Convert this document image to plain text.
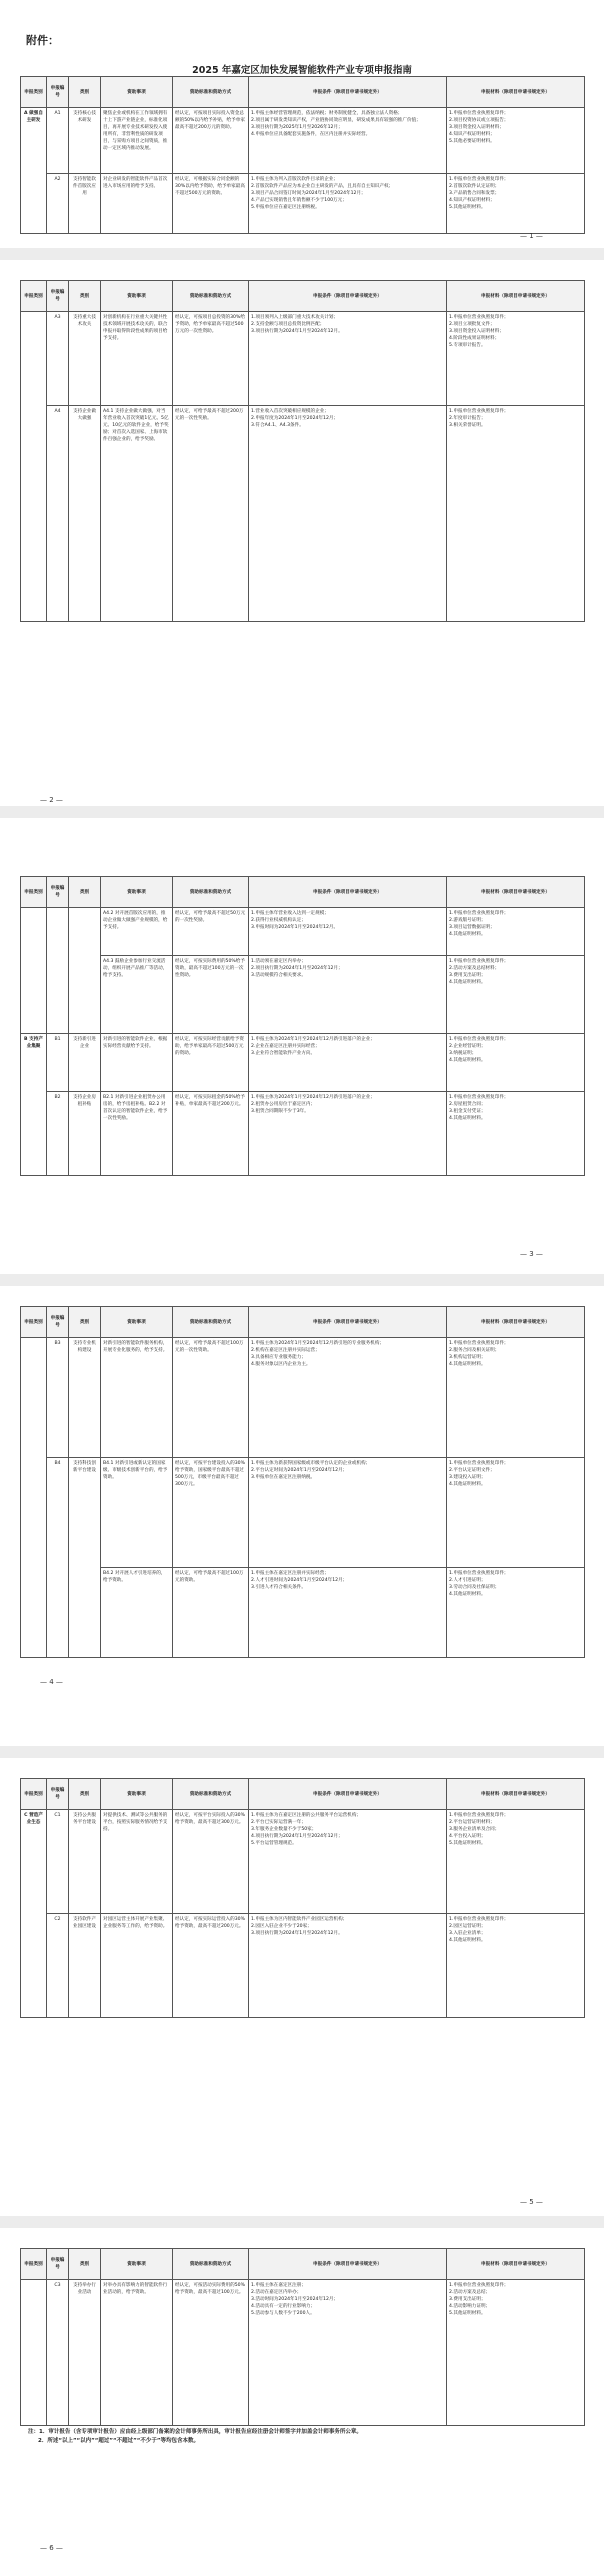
附件：
2025 年嘉定区加快发展智能软件产业专项申报指南
申报类别	申报编号	类别	资助事项	资助标准和资助方式	申报条件（除项目申请书规定外）	申报材料（除项目申请书规定外）
A 做强自主研发	A1	支持核心技术研发	聚焦企业或机构在工作领域拥有十上下游产业链企业，标准化项目，再开展专业技术研发投入使用所有，非营利性质的研发项目，与采购方项目之间资质，推动一定区域内推动发展。	经认定，可按项目实际投入资金总额的50%以内给予补贴，给予单家最高不超过200万元的资助。	1.申报主体经营管理规范，依法纳税；财务制度健全，具备独立法人资格；
2.项目属于研发类知识产权，产业链协同效应明显，研发成果具有较强的推广价值；
3.项目执行期为2025年1月至2026年12月；
4.申报单位应具备配套实施条件，在区内注册并实际经营。	1.申报单位营业执照复印件；
2.项目投资协议或立项报告；
3.项目资金投入证明材料；
4.知识产权证明材料；
5.其他必要证明材料。
	A2	支持智能软件首版次应用	对企业研发的智能软件产品首次进入市场应用的给予支持。	经认定，可根据实际合同金额的30%以内给予资助，给予单家最高不超过500万元的资助。	1.申报主体为列入首版次软件目录的企业；
2.首版次软件产品应为本企业自主研发的产品，且具有自主知识产权；
3.项目产品合同签订时间为2024年1月至2024年12月；
4.产品已实现销售且年销售额不少于100万元；
5.申报单位应在嘉定区注册纳税。	1.申报单位营业执照复印件；
2.首版次软件认定证明；
3.产品销售合同和发票；
4.知识产权证明材料；
5.其他证明材料。
— 1 —
申报类别	申报编号	类别	资助事项	资助标准和资助方式	申报条件（除项目申请书规定外）	申报材料（除项目申请书规定外）
	A3	支持重大技术攻关	对创新机构在行业重大关键共性技术领域开展技术攻关的，联合申报并取得阶段性成果的项目给予支持。	经认定，可按项目总投资的30%给予资助，给予单家最高不超过500万元的一次性资助。	1.项目须列入上级部门重大技术攻关计划；
2.支持金额与项目总投资比例匹配；
3.项目执行期为2024年1月至2024年12月。	1.申报单位营业执照复印件；
2.项目立项批复文件；
3.项目资金投入证明材料；
4.阶段性成果证明材料；
5.专项审计报告。
	A4	支持企业做大做强	A4.1 支持企业做大做强，对当年营业收入首次突破1亿元、5亿元、10亿元的软件企业，给予奖励；对首次入选国家、上海市软件百强企业的，给予奖励。	经认定，可给予最高不超过200万元的一次性奖励。	1.营业收入首次突破相应规模的企业；
2.申报年度为2024年1月至2024年12月；
3.符合A4.1、A4.3条件。	1.申报单位营业执照复印件；
2.年度审计报告；
3.相关荣誉证明。
— 2 —
申报类别	申报编号	类别	资助事项	资助标准和资助方式	申报条件（除项目申请书规定外）	申报材料（除项目申请书规定外）
			A4.2 对开展首版次应用的，推动企业做大做强产业规模的，给予支持。	经认定，可给予最高不超过50万元的一次性奖励。	1.申报主体年营业收入达到一定规模；
2.获得行业权威机构认定；
3.申报时间为2024年1月至2024年12月。	1.申报单位营业执照复印件；
2.游戏版号证明；
3.项目运营数据证明；
4.其他证明材料。
			A4.3 鼓励企业参加行业交流活动，组织开展产品推广等活动，给予支持。	经认定，可按实际费用的50%给予资助，最高不超过100万元的一次性资助。	1.活动须在嘉定区内举办；
2.项目执行期为2024年1月至2024年12月；
3.活动规模符合相关要求。	1.申报单位营业执照复印件；
2.活动方案及总结材料；
3.费用支出证明；
4.其他证明材料。
B 支持产业集聚	B1	支持新引进企业	对新引进的智能软件企业，根据实际经营贡献给予支持。	经认定，可按实际经营贡献给予资助，给予单家最高不超过500万元的资助。	1.申报主体为2024年1月至2024年12月新引进落户的企业；
2.企业在嘉定区注册并实际经营；
3.企业符合智能软件产业方向。	1.申报单位营业执照复印件；
2.企业经营证明；
3.纳税证明；
4.其他证明材料。
	B2	支持企业房租补贴	B2.1 对新引进企业租赁办公用房的，给予房租补贴。B2.2 对首次认定的智能软件企业，给予一次性奖励。	经认定，可按实际租金的50%给予补贴，单家最高不超过200万元。	1.申报主体为2024年1月至2024年12月新引进落户的企业；
2.租赁办公用房位于嘉定区内；
3.租赁合同期限不少于3年。	1.申报单位营业执照复印件；
2.房屋租赁合同；
3.租金支付凭证；
4.其他证明材料。
— 3 —
申报类别	申报编号	类别	资助事项	资助标准和资助方式	申报条件（除项目申请书规定外）	申报材料（除项目申请书规定外）
	B3	支持专业机构建设	对新引进的智能软件服务机构，开展专业化服务的，给予支持。	经认定，可给予最高不超过100万元的一次性资助。	1.申报主体为2024年1月至2024年12月新引进的专业服务机构；
2.机构在嘉定区注册并实际运营；
3.具备相应专业服务能力；
4.服务对象以区内企业为主。	1.申报单位营业执照复印件；
2.服务合同及相关证明；
3.机构运营证明；
4.其他证明材料。
	B4	支持科技创新平台建设	B4.1 对新引进或新认定的国家级、市级技术创新平台的，给予资助。	经认定，可按平台建设投入的30%给予资助，国家级平台最高不超过500万元，市级平台最高不超过300万元。	1.申报主体为新获得国家级或市级平台认定的企业或机构；
2.平台认定时间为2024年1月至2024年12月；
3.申报单位在嘉定区注册纳税。	1.申报单位营业执照复印件；
2.平台认定证明文件；
3.建设投入证明；
4.其他证明材料。
			B4.2 对开展人才引进培养的，给予资助。	经认定，可给予最高不超过100万元的资助。	1.申报主体在嘉定区注册并实际经营；
2.人才引进时间为2024年1月至2024年12月；
3.引进人才符合相关条件。	1.申报单位营业执照复印件；
2.人才引进证明；
3.劳动合同及社保证明；
4.其他证明材料。
— 4 —
申报类别	申报编号	类别	资助事项	资助标准和资助方式	申报条件（除项目申请书规定外）	申报材料（除项目申请书规定外）
C 营造产业生态	C1	支持公共服务平台建设	对提供技术、测试等公共服务的平台，按照实际服务情况给予支持。	经认定，可按平台实际投入的30%给予资助，最高不超过300万元。	1.申报主体为在嘉定区注册的公共服务平台运营机构；
2.平台已实际运营满一年；
3.年服务企业数量不少于50家；
4.项目执行期为2024年1月至2024年12月；
5.平台运营管理规范。	1.申报单位营业执照复印件；
2.平台运营证明材料；
3.服务企业清单及合同；
4.平台投入证明；
5.其他证明材料。
	C2	支持软件产业园区建设	对园区运营主体开展产业集聚、企业服务等工作的，给予资助。	经认定，可按实际运营投入的30%给予资助，最高不超过200万元。	1.申报主体为区内智能软件产业园区运营机构；
2.园区入驻企业不少于20家；
3.项目执行期为2024年1月至2024年12月。	1.申报单位营业执照复印件；
2.园区运营证明；
3.入驻企业清单；
4.其他证明材料。
— 5 —
申报类别	申报编号	类别	资助事项	资助标准和资助方式	申报条件（除项目申请书规定外）	申报材料（除项目申请书规定外）
	C3	支持举办行业活动	对举办具有影响力的智能软件行业活动的，给予资助。	经认定，可按活动实际费用的50%给予资助，最高不超过100万元。	1.申报主体在嘉定区注册；
2.活动在嘉定区内举办；
3.活动时间为2024年1月至2024年12月；
4.活动具有一定的行业影响力；
5.活动参与人数不少于200人。	1.申报单位营业执照复印件；
2.活动方案及总结；
3.费用支出证明；
4.活动影响力证明；
5.其他证明材料。
注：1．审计报告（含专项审计报告）应由经上级部门备案的会计师事务所出具，审计报告应经注册会计师签字并加盖会计师事务所公章。
2．所述“以上”“以内”“超过”“不超过”“不少于”等均包含本数。
— 6 —
